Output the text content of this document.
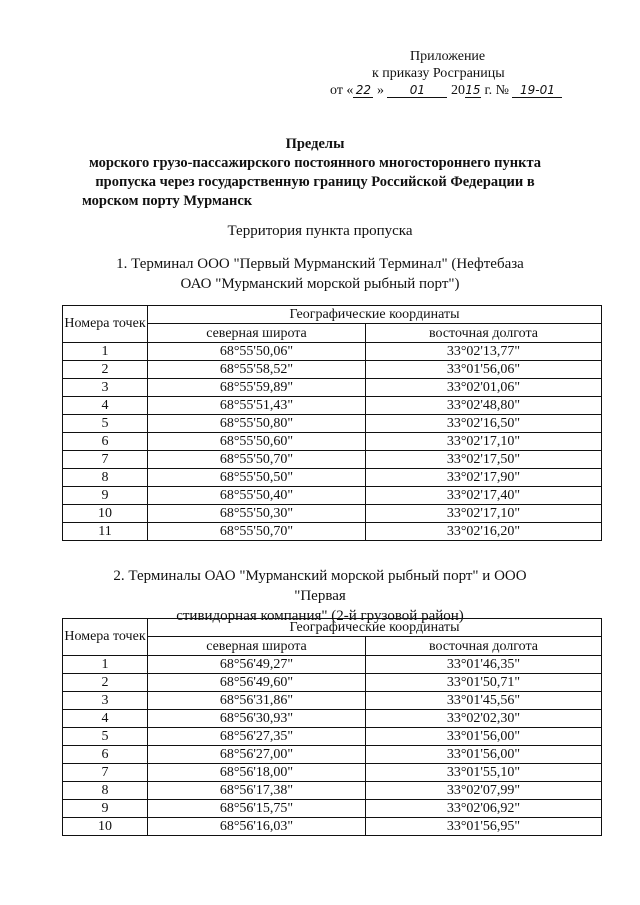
Приложение
к приказу Росграницы
от « 22 » 01 2015 г. № 19-01
Пределы
морского грузо-пассажирского постоянного многостороннего пункта
пропуска через государственную границу Российской Федерации в
морском порту Мурманск
Территория пункта пропуска
1. Терминал ООО "Первый Мурманский Терминал" (Нефтебаза
ОАО "Мурманский морской рыбный порт")
Номера точек	Географические координаты	
	северная широта	восточная долгота
1	68°55'50,06"	33°02'13,77"
2	68°55'58,52"	33°01'56,06"
3	68°55'59,89"	33°02'01,06"
4	68°55'51,43"	33°02'48,80"
5	68°55'50,80"	33°02'16,50"
6	68°55'50,60"	33°02'17,10"
7	68°55'50,70"	33°02'17,50"
8	68°55'50,50"	33°02'17,90"
9	68°55'50,40"	33°02'17,40"
10	68°55'50,30"	33°02'17,10"
11	68°55'50,70"	33°02'16,20"
2. Терминалы ОАО "Мурманский морской рыбный порт" и ООО "Первая
стивидорная компания" (2-й грузовой район)
Номера точек	Географические координаты	
	северная широта	восточная долгота
1	68°56'49,27"	33°01'46,35"
2	68°56'49,60"	33°01'50,71"
3	68°56'31,86"	33°01'45,56"
4	68°56'30,93"	33°02'02,30"
5	68°56'27,35"	33°01'56,00"
6	68°56'27,00"	33°01'56,00"
7	68°56'18,00"	33°01'55,10"
8	68°56'17,38"	33°02'07,99"
9	68°56'15,75"	33°02'06,92"
10	68°56'16,03"	33°01'56,95"
